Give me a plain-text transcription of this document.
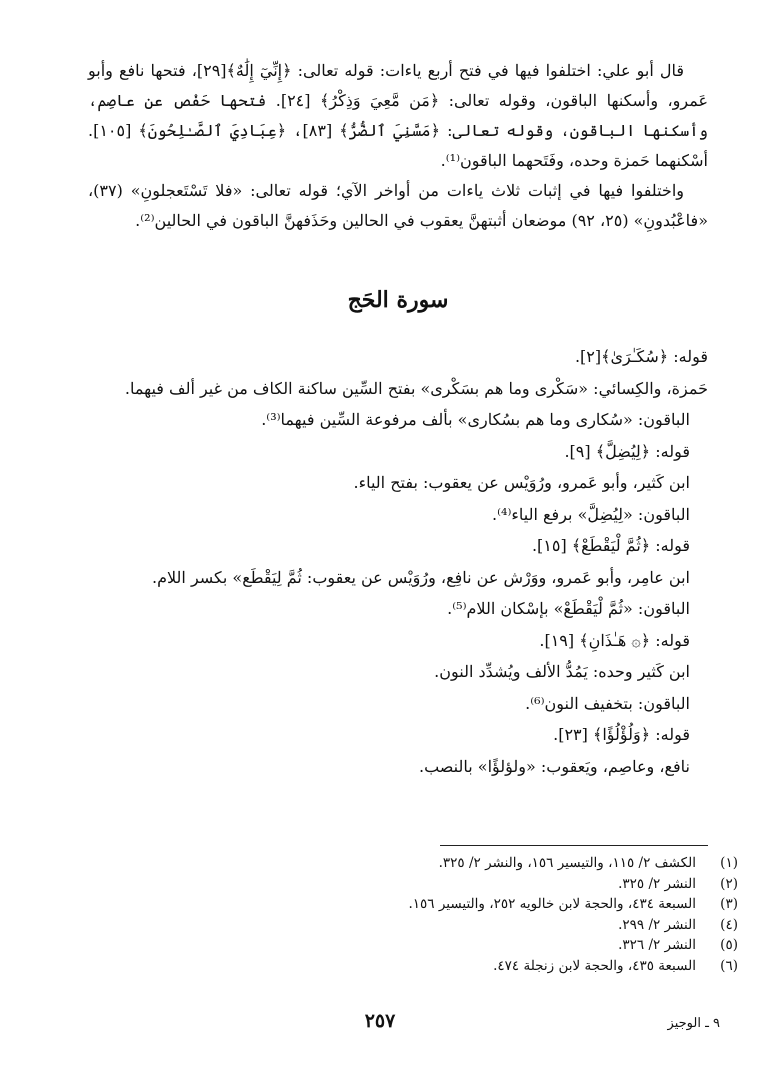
قال أبو علي: اختلفوا فيها في فتح أربع ياءات: قوله تعالى: ﴿إِنِّيٓ إِلَٰهٌ﴾[٢٩]، فتحها نافع وأبو عَمرو، وأسكنها الباقون، وقوله تعالى: ﴿مَن مَّعِيَ وَذِكْرُ﴾ [٢٤]. فتحها حَفْص عن عاصِم، وأسكنها الباقون، وقوله تعالى: ﴿مَسَّنِيَ ٱلضُّرُّ﴾ [٨٣]، ﴿عِبَادِيَ ٱلصَّـٰلِحُونَ﴾ [١٠٥]. أسْكنهما حَمزة وحده، وفَتَحهما الباقون⁽¹⁾.

واختلفوا فيها في إثبات ثلاث ياءات من أواخر الآي؛ قوله تعالى: «فلا تَسْتَعجلونِ» (٣٧)، «فاعْبُدونِ» (٢٥، ٩٢) موضعان أثبتهنَّ يعقوب في الحالين وحَذَفهنَّ الباقون في الحالين⁽²⁾.

سورة الحَج

قوله: ﴿سُكَـٰرَىٰ﴾[٢].

حَمزة، والكِسائي: «سَكْرى وما هم بسَكْرى» بفتح السِّين ساكنة الكاف من غير ألف فيهما.

الباقون: «سُكارى وما هم بسُكارى» بألف مرفوعة السِّين فيهما⁽³⁾.

قوله: ﴿لِيُضِلَّ﴾ [٩].

ابن كَثير، وأبو عَمرو، ورُوَيْس عن يعقوب: بفتح الياء.

الباقون: «لِيُضِلَّ» برفع الياء⁽⁴⁾.

قوله: ﴿ثُمَّ لْيَقْطَعْ﴾ [١٥].

ابن عامِر، وأبو عَمرو، ووَرْش عن نافِع، ورُوَيْس عن يعقوب: ثُمَّ لِيَقْطَع» بكسر اللام.

الباقون: «ثُمَّ لْيَقْطَعْ» بإسْكان اللام⁽⁵⁾.

قوله: ﴿۞ هَـٰذَانِ﴾ [١٩].

ابن كَثير وحده: يَمُدُّ الألف ويُشدِّد النون.

الباقون: بتخفيف النون⁽⁶⁾.

قوله: ﴿وَلُؤْلُؤًا﴾ [٢٣].

نافع، وعاصِم، ويَعقوب: «ولؤلؤًا» بالنصب.

(١)الكشف ٢/ ١١٥، والتيسير ١٥٦، والنشر ٢/ ٣٢٥.
(٢)النشر ٢/ ٣٢٥.
(٣)السبعة ٤٣٤، والحجة لابن خالويه ٢٥٢، والتيسير ١٥٦.
(٤)النشر ٢/ ٢٩٩.
(٥)النشر ٢/ ٣٢٦.
(٦)السبعة ٤٣٥، والحجة لابن زنجلة ٤٧٤.
٢٥٧	٩ ـ الوجيز
